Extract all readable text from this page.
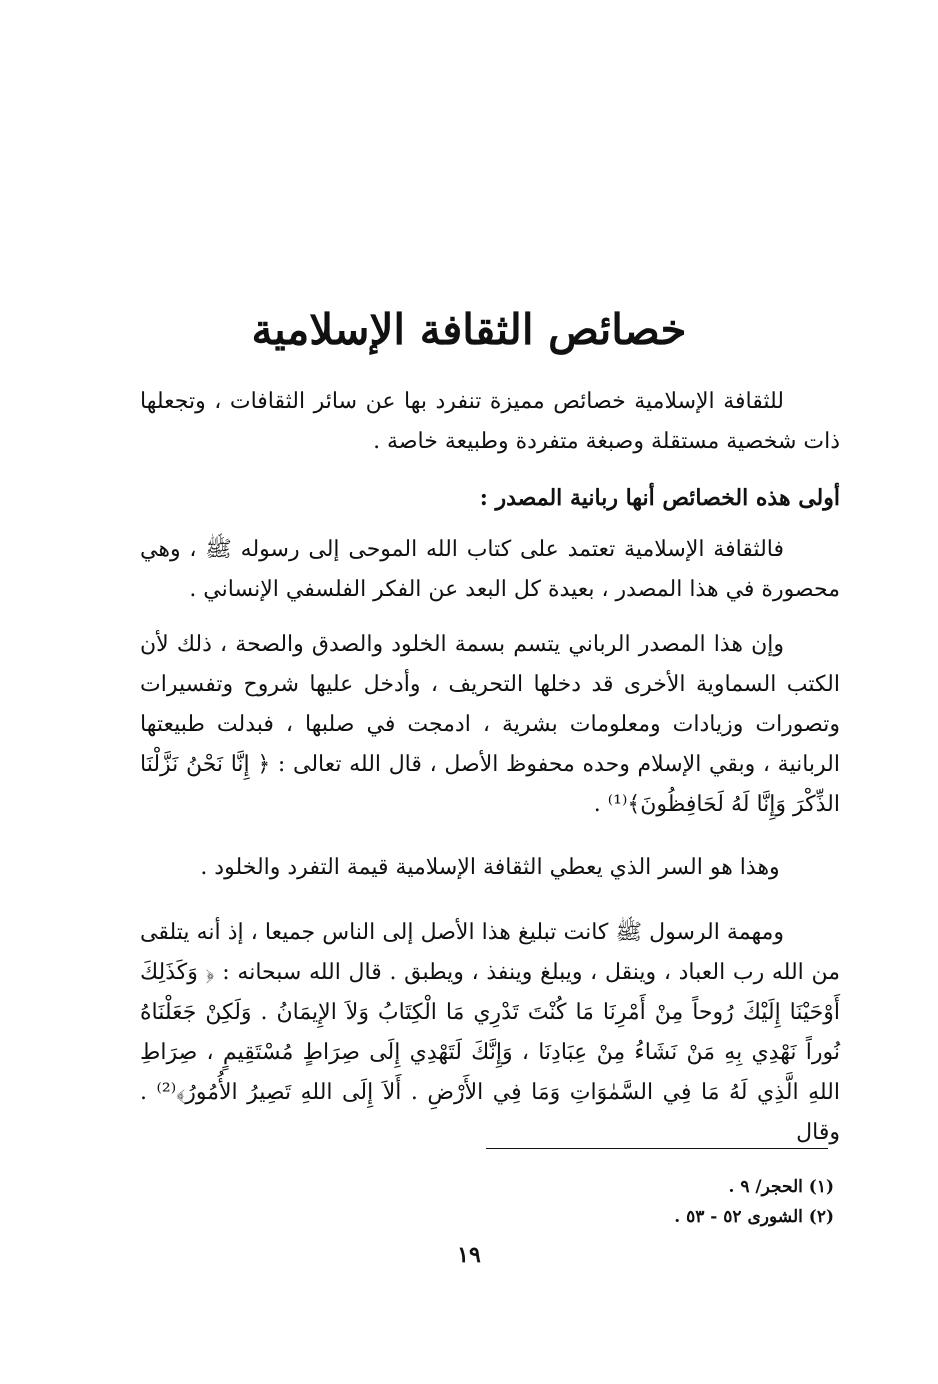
خصائص الثقافة الإسلامية

للثقافة الإسلامية خصائص مميزة تنفرد بها عن سائر الثقافات ، وتجعلها ذات شخصية مستقلة وصبغة متفردة وطبيعة خاصة .

أولى هذه الخصائص أنها ربانية المصدر :

فالثقافة الإسلامية تعتمد على كتاب الله الموحى إلى رسوله ﷺ ، وهي محصورة في هذا المصدر ، بعيدة كل البعد عن الفكر الفلسفي الإنساني .

وإن هذا المصدر الرباني يتسم بسمة الخلود والصدق والصحة ، ذلك لأن الكتب السماوية الأخرى قد دخلها التحريف ، وأدخل عليها شروح وتفسيرات وتصورات وزيادات ومعلومات بشرية ، ادمجت في صلبها ، فبدلت طبيعتها الربانية ، وبقي الإسلام وحده محفوظ الأصل ، قال الله تعالى : ﴿ إِنَّا نَحْنُ نَزَّلْنَا الذِّكْرَ وَإِنَّا لَهُ لَحَافِظُونَ﴾⁽¹⁾ .

وهذا هو السر الذي يعطي الثقافة الإسلامية قيمة التفرد والخلود .

ومهمة الرسول ﷺ كانت تبليغ هذا الأصل إلى الناس جميعا ، إذ أنه يتلقى من الله رب العباد ، وينقل ، ويبلغ وينفذ ، ويطبق . قال الله سبحانه : ﴿ وَكَذَلِكَ أَوْحَيْنَا إِلَيْكَ رُوحاً مِنْ أَمْرِنَا مَا كُنْتَ تَدْرِي مَا الْكِتَابُ وَلاَ الإِيمَانُ . وَلَكِنْ جَعَلْنَاهُ نُوراً نَهْدِي بِهِ مَنْ نَشَاءُ مِنْ عِبَادِنَا ، وَإِنَّكَ لَتَهْدِي إِلَى صِرَاطٍ مُسْتَقِيمٍ ، صِرَاطِ اللهِ الَّذِي لَهُ مَا فِي السَّمٰوَاتِ وَمَا فِي الأَرْضِ . أَلاَ إِلَى اللهِ تَصِيرُ الأُمُورُ﴾⁽²⁾ . وقال

(١) الحجر/ ٩ .

(٢) الشورى ٥٢ - ٥٣ .

١٩
